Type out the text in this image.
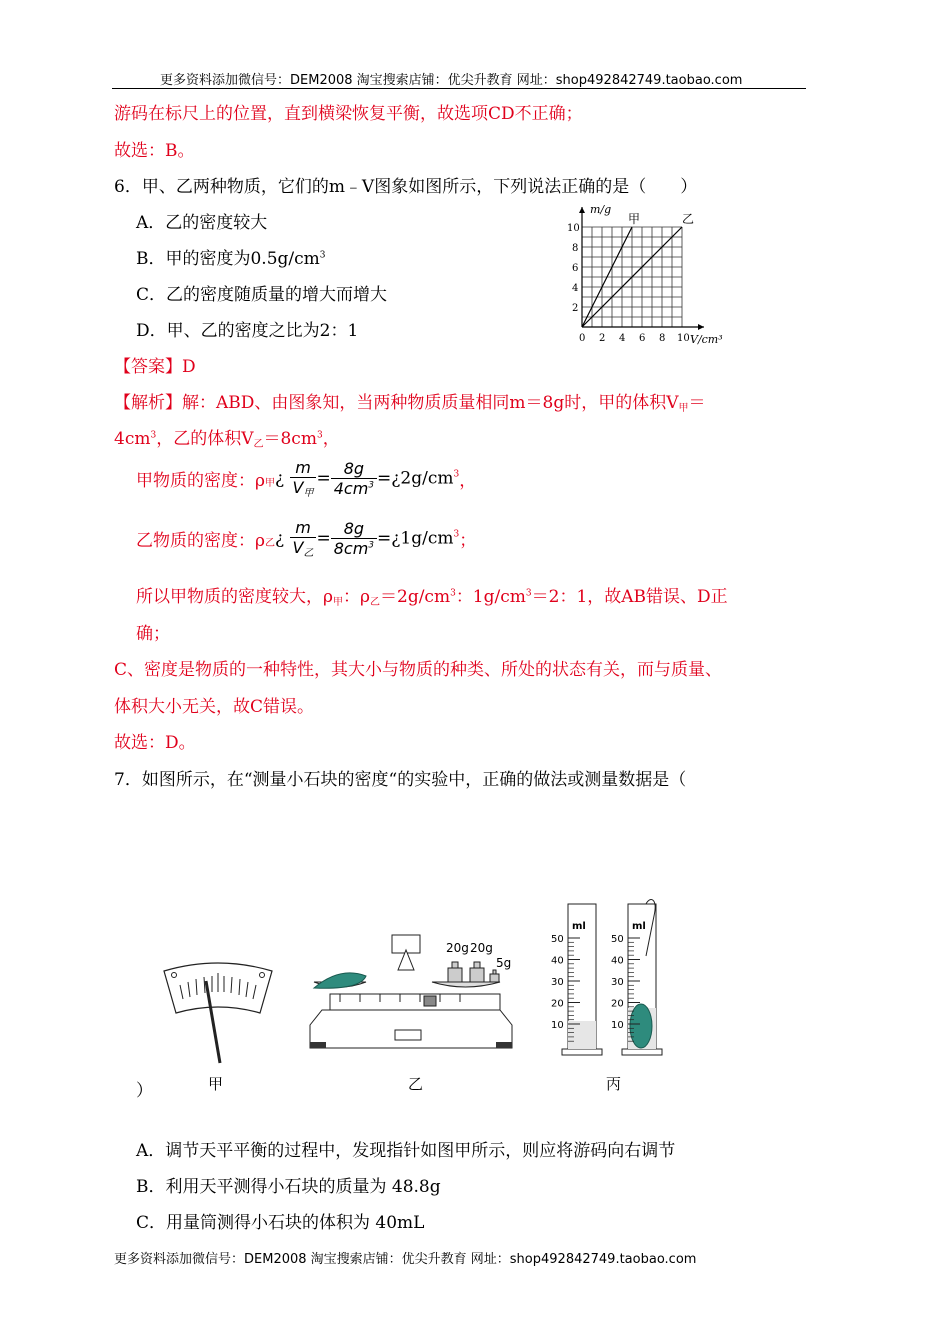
更多资料添加微信号：DEM2008 淘宝搜索店铺：优尖升教育 网址：shop492842749.taobao.com
游码在标尺上的位置，直到横梁恢复平衡，故选项CD不正确；
故选：B。
6．甲、乙两种物质，它们的m﹣V图象如图所示，下列说法正确的是（　　）
A．乙的密度较大
B．甲的密度为$0.5g/cm^3$
C．乙的密度随质量的增大而增大
D．甲、乙的密度之比为2：1
甲	乙
0 2 4 6 8 10
2
4
6
8
10
V/cm³
m/g
【答案】D
【解析】解：ABD、由图象知，当两种物质质量相同m＝8g时，甲的体积$V_甲=$
$4cm^3$，乙的体积$V_乙=8cm^3$，
甲物质的密度：$\rho_甲¿ \frac{m}{V_甲} = \frac{8g}{4cm^3}$ $=¿2g/cm^3$，
乙物质的密度：$\rho_乙¿ \frac{m}{V_乙} = \frac{8g}{8cm^3}$ $=¿1g/cm^3$；
所以甲物质的密度较大，$\rho_甲$：$\rho_乙=2g/cm^3$：$1g/cm^3=2$：1，故AB错误、D正
确；
C、密度是物质的一种特性，其大小与物质的种类、所处的状态有关，而与质量、
体积大小无关，故C错误。
故选：D。
7．如图所示，在“测量小石块的密度“的实验中，正确的做法或测量数据是（
甲
20g 20g
5g
乙
ml
50
40
30
20
10
ml
50
40
30
20
10
丙
）
A．调节天平平衡的过程中，发现指针如图甲所示，则应将游码向右调节
B．利用天平测得小石块的质量为 48.8g
C．用量筒测得小石块的体积为 40mL
更多资料添加微信号：DEM2008 淘宝搜索店铺：优尖升教育 网址：shop492842749.taobao.com
